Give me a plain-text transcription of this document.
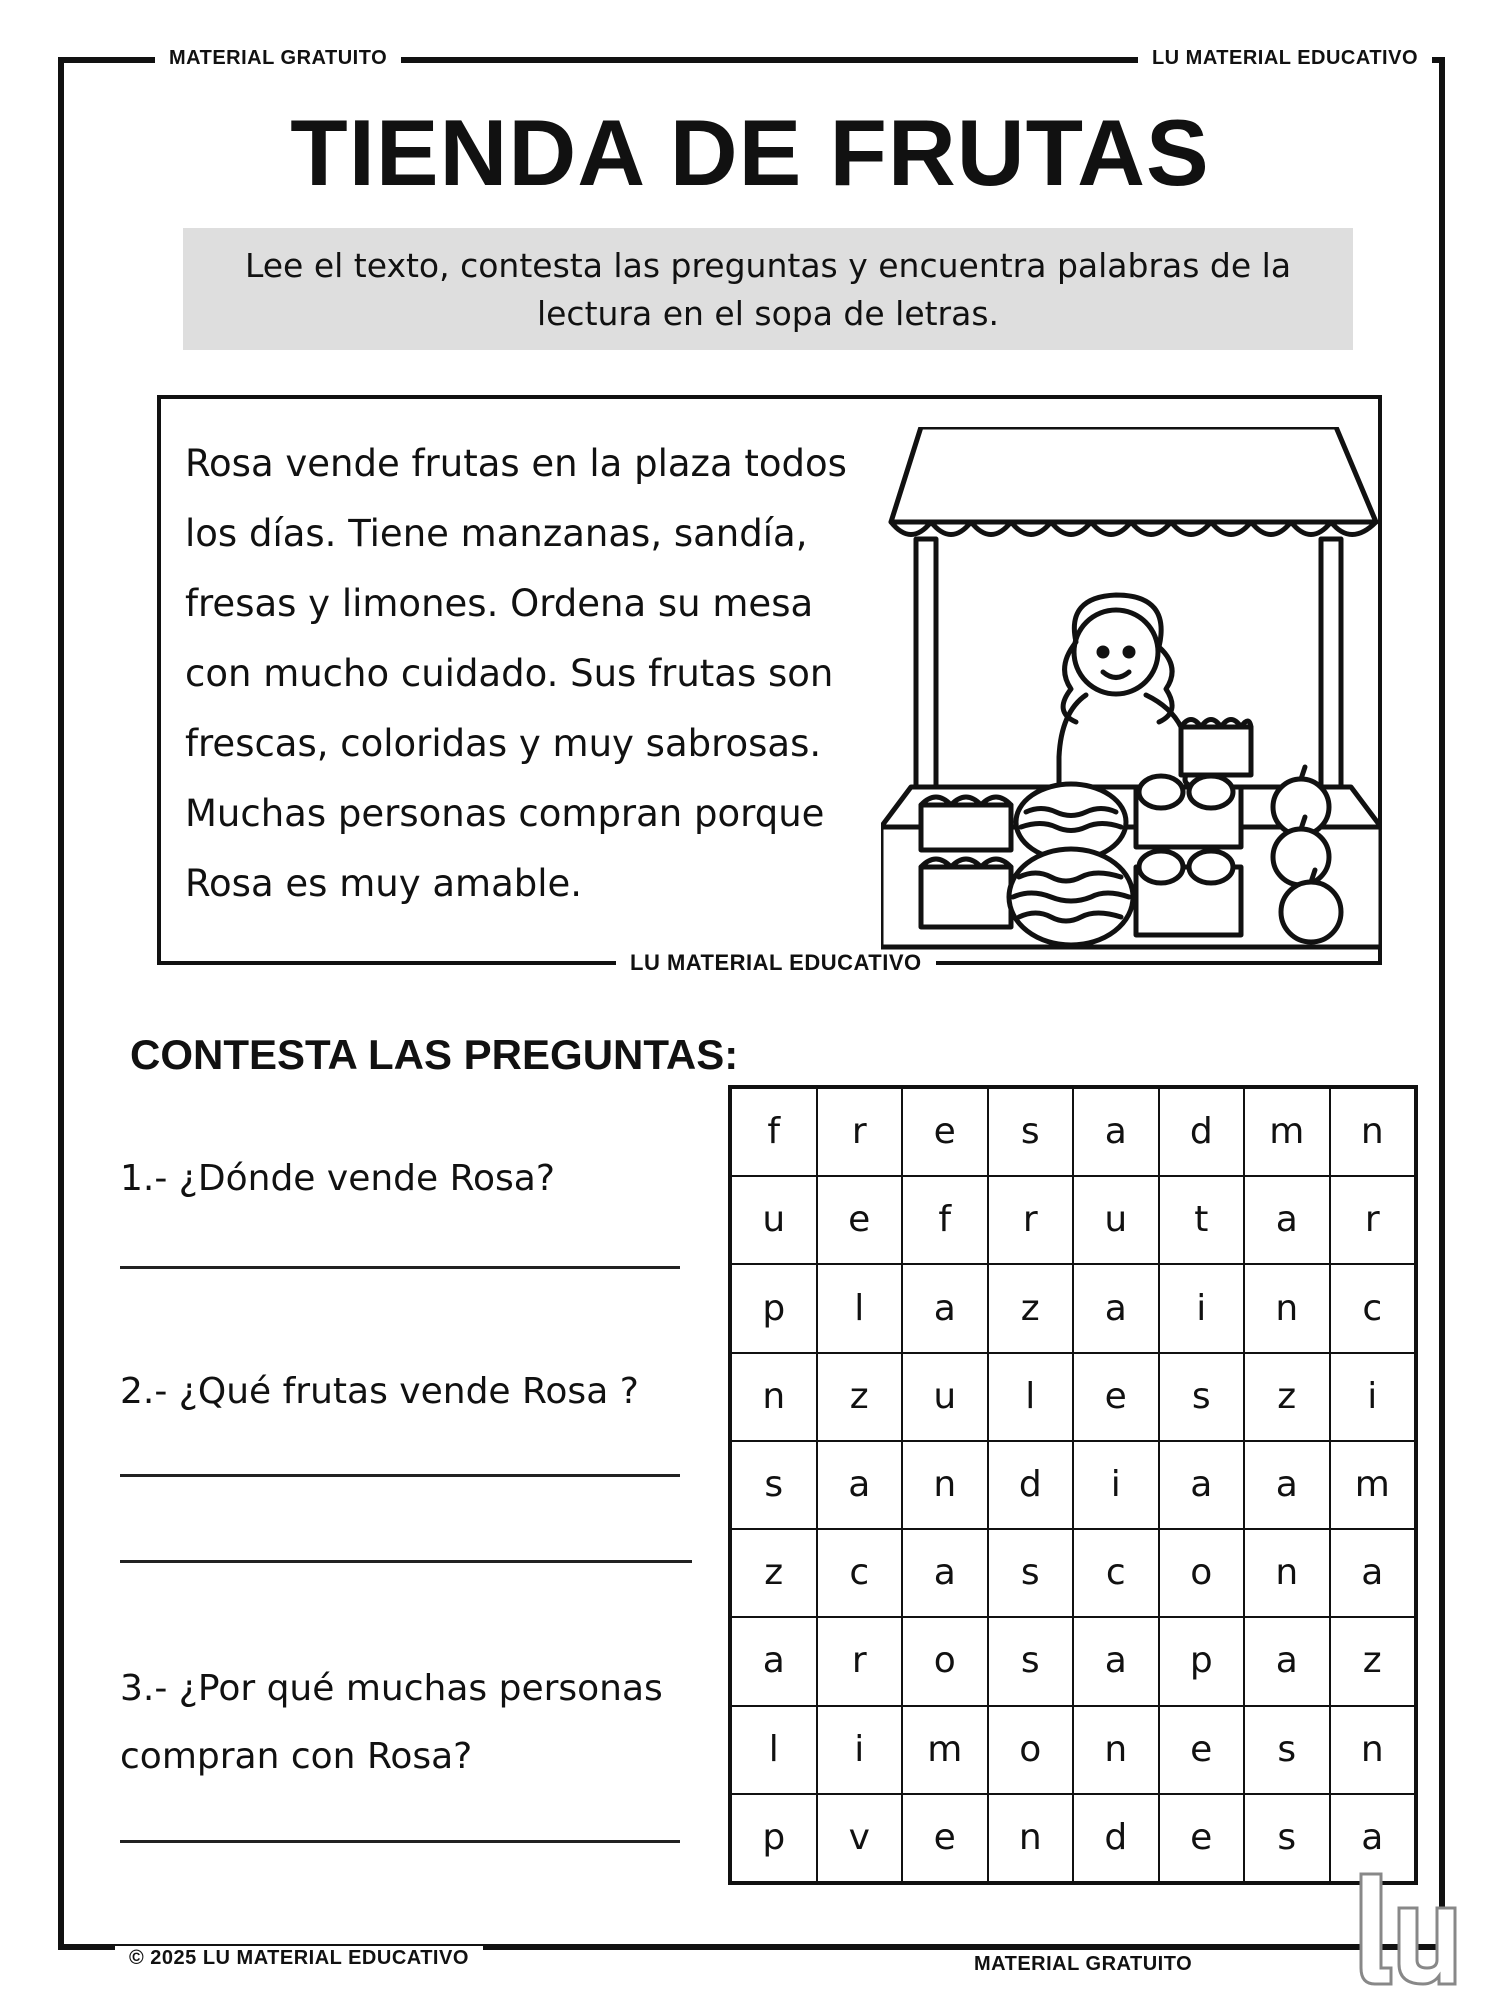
MATERIAL GRATUITO	LU MATERIAL EDUCATIVO
© 2025 LU MATERIAL EDUCATIVO	MATERIAL GRATUITO
TIENDA DE FRUTAS
Lee el texto, contesta las preguntas y encuentra palabras de la lectura en el sopa de letras.
Rosa vende frutas en la plaza todos
los días. Tiene manzanas, sandía,
fresas y limones. Ordena su mesa
con mucho cuidado. Sus frutas son
frescas, coloridas y muy sabrosas.
Muchas personas compran porque
Rosa es muy amable.
LU MATERIAL EDUCATIVO
CONTESTA LAS PREGUNTAS:
1.- ¿Dónde vende Rosa?
2.- ¿Qué frutas vende Rosa ?
3.- ¿Por qué muchas personas
compran con Rosa?
f	r	e	s	a	d	m	n
u	e	f	r	u	t	a	r
p	l	a	z	a	i	n	c
n	z	u	l	e	s	z	i
s	a	n	d	i	a	a	m
z	c	a	s	c	o	n	a
a	r	o	s	a	p	a	z
l	i	m	o	n	e	s	n
p	v	e	n	d	e	s	a
